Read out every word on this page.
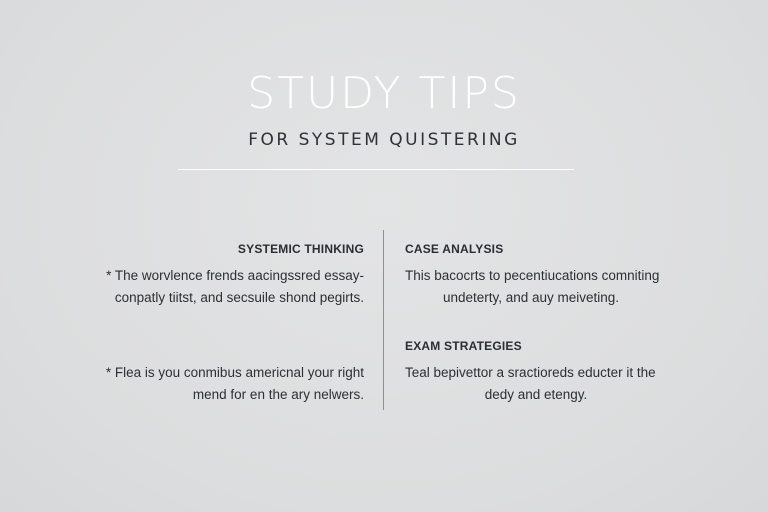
STUDY TIPS
FOR SYSTEM QUISTERING
SYSTEMIC THINKING
* The worvlence frends aacingssred essay-
conpatly tiitst, and secsuile shond pegirts.
* Flea is you conmibus americnal your right
mend for en the ary nelwers.
CASE ANALYSIS
This bacocrts to pecentiucations comniting
undeterty, and auy meiveting.
EXAM STRATEGIES
Teal bepivettor a sractioreds educter it the
dedy and etengy.
